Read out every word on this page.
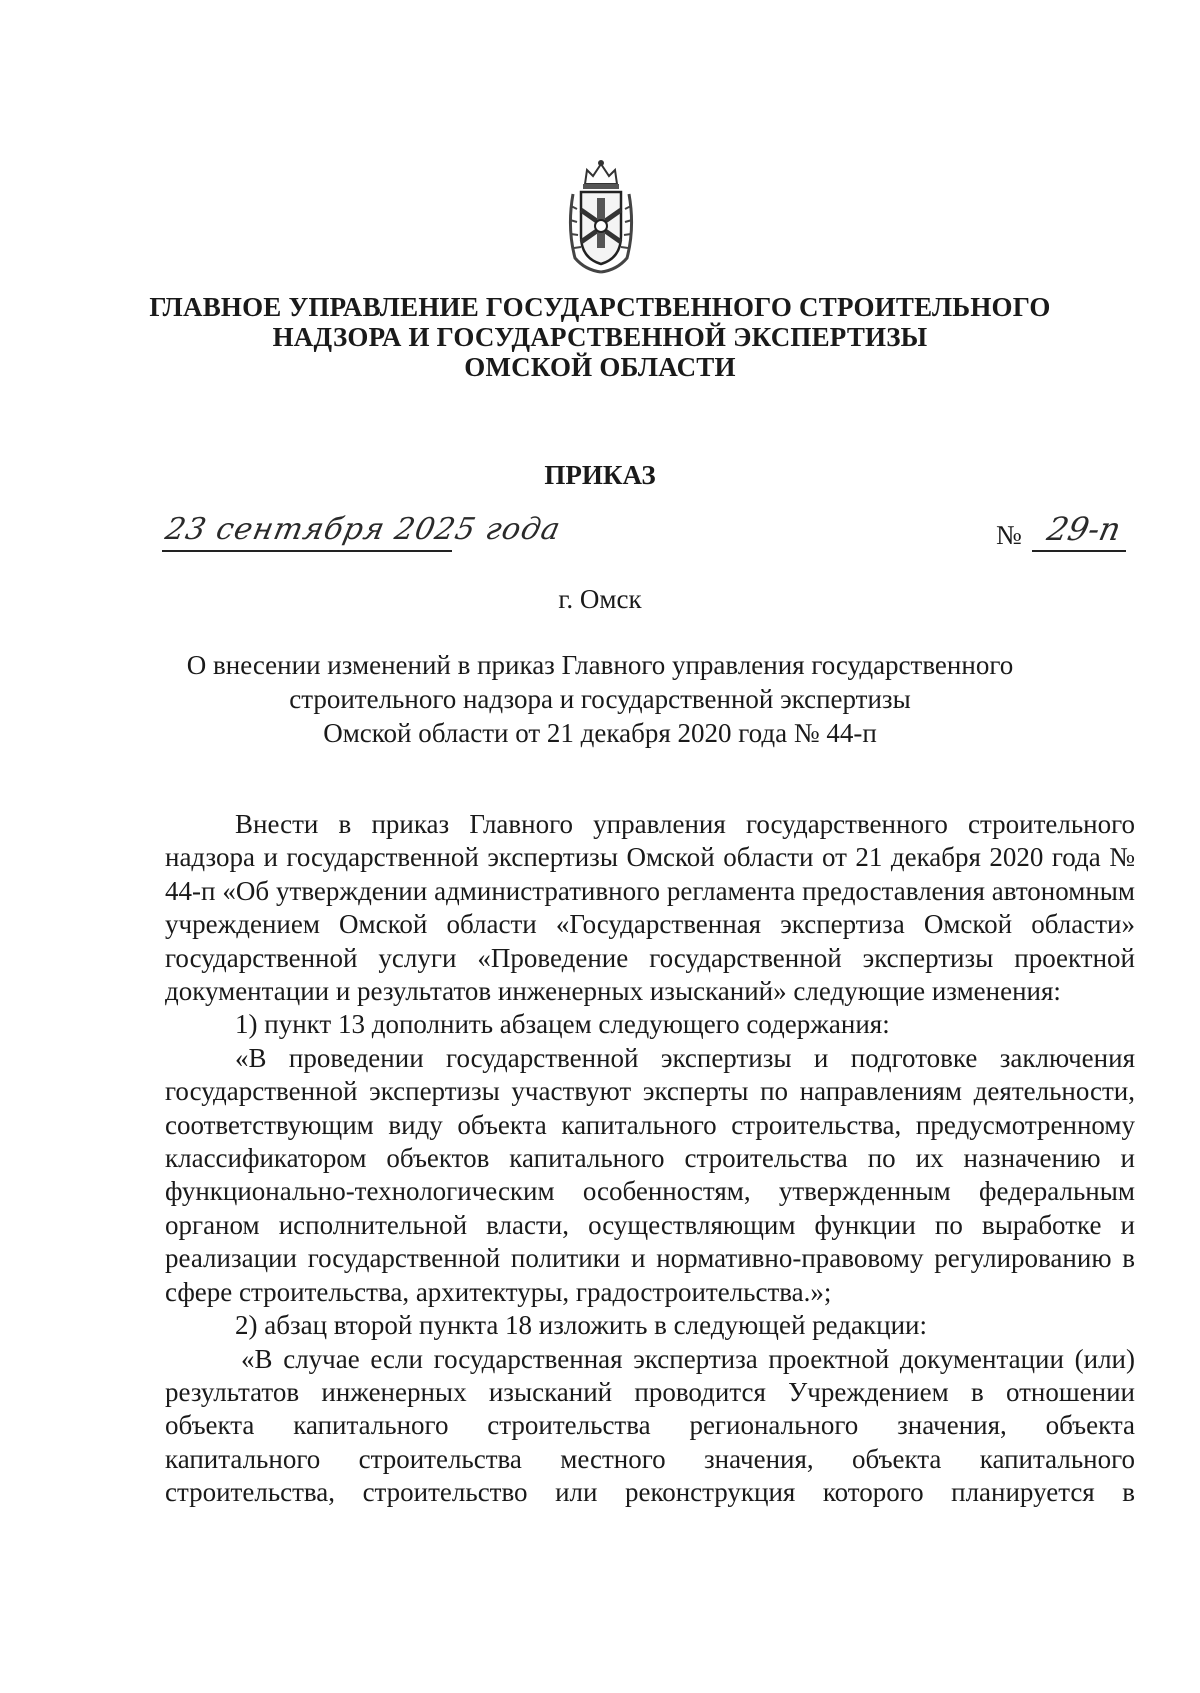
ГЛАВНОЕ УПРАВЛЕНИЕ ГОСУДАРСТВЕННОГО СТРОИТЕЛЬНОГО
НАДЗОРА И ГОСУДАРСТВЕННОЙ ЭКСПЕРТИЗЫ
ОМСКОЙ ОБЛАСТИ
ПРИКАЗ
23 сентября 2025 года	№ 29-п
г. Омск
О внесении изменений в приказ Главного управления государственного
строительного надзора и государственной экспертизы
Омской области от 21 декабря 2020 года № 44-п

Внести в приказ Главного управления государственного строительного надзора и государственной экспертизы Омской области от 21 декабря 2020 года № 44-п «Об утверждении административного регламента предоставления автономным учреждением Омской области «Государственная экспертиза Омской области» государственной услуги «Проведение государственной экспертизы проектной документации и результатов инженерных изысканий» следующие изменения:

1) пункт 13 дополнить абзацем следующего содержания:

«В проведении государственной экспертизы и подготовке заключения государственной экспертизы участвуют эксперты по направлениям деятельности, соответствующим виду объекта капитального строительства, предусмотренному классификатором объектов капитального строительства по их назначению и функционально-технологическим особенностям, утвержденным федеральным органом исполнительной власти, осуществляющим функции по выработке и реализации государственной политики и нормативно-правовому регулированию в сфере строительства, архитектуры, градостроительства.»;

2) абзац второй пункта 18 изложить в следующей редакции:

«В случае если государственная экспертиза проектной документации (или) результатов инженерных изысканий проводится Учреждением в отношении объекта капитального строительства регионального значения, объекта капитального строительства местного значения, объекта капитального строительства, строительство или реконструкция которого планируется в
